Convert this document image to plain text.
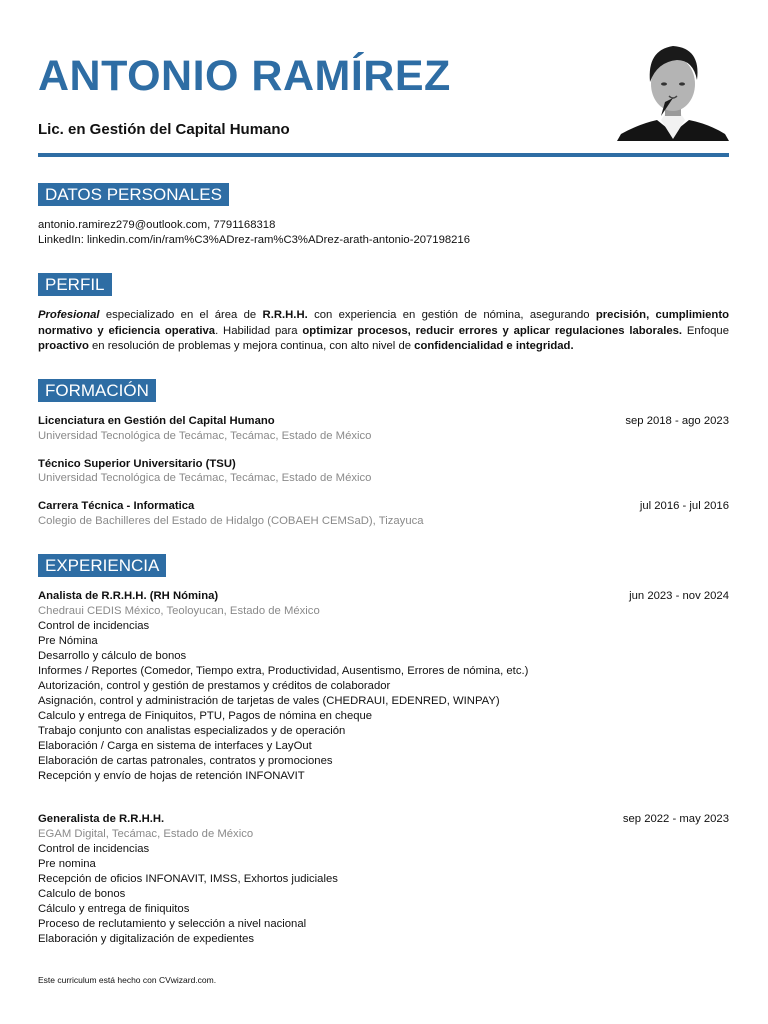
ANTONIO RAMÍREZ
Lic. en Gestión del Capital Humano
DATOS PERSONALES
antonio.ramirez279@outlook.com, 7791168318
LinkedIn: linkedin.com/in/ram%C3%ADrez-ram%C3%ADrez-arath-antonio-207198216
PERFIL

Profesional especializado en el área de R.R.H.H. con experiencia en gestión de nómina, asegurando precisión, cumplimiento normativo y eficiencia operativa. Habilidad para optimizar procesos, reducir errores y aplicar regulaciones laborales. Enfoque proactivo en resolución de problemas y mejora continua, con alto nivel de confidencialidad e integridad.

FORMACIÓN
Licenciatura en Gestión del Capital Humano	sep 2018 - ago 2023
Universidad Tecnológica de Tecámac, Tecámac, Estado de México
Técnico Superior Universitario (TSU)
Universidad Tecnológica de Tecámac, Tecámac, Estado de México
Carrera Técnica - Informatica	jul 2016 - jul 2016
Colegio de Bachilleres del Estado de Hidalgo (COBAEH CEMSaD), Tizayuca
EXPERIENCIA
Analista de R.R.H.H. (RH Nómina)	jun 2023 - nov 2024
Chedraui CEDIS México, Teoloyucan, Estado de México
Control de incidencias
Pre Nómina
Desarrollo y cálculo de bonos
Informes / Reportes (Comedor, Tiempo extra, Productividad, Ausentismo, Errores de nómina, etc.)
Autorización, control y gestión de prestamos y créditos de colaborador
Asignación, control y administración de tarjetas de vales (CHEDRAUI, EDENRED, WINPAY)
Calculo y entrega de Finiquitos, PTU, Pagos de nómina en cheque
Trabajo conjunto con analistas especializados y de operación
Elaboración / Carga en sistema de interfaces y LayOut
Elaboración de cartas patronales, contratos y promociones
Recepción y envío de hojas de retención INFONAVIT
Generalista de R.R.H.H.	sep 2022 - may 2023
EGAM Digital, Tecámac, Estado de México
Control de incidencias
Pre nomina
Recepción de oficios INFONAVIT, IMSS, Exhortos judiciales
Calculo de bonos
Cálculo y entrega de finiquitos
Proceso de reclutamiento y selección a nivel nacional
Elaboración y digitalización de expedientes
Este curriculum está hecho con CVwizard.com.
